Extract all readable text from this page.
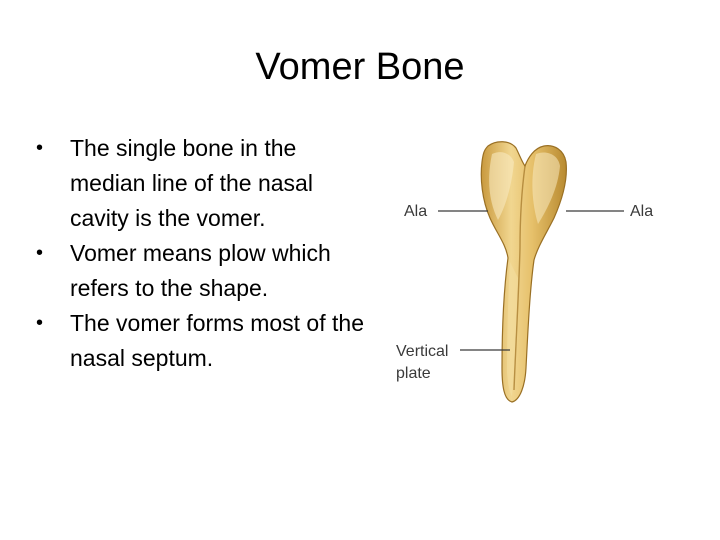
Vomer Bone
• The single bone in the median line of the nasal cavity is the vomer.
• Vomer means plow which refers to the shape.
• The vomer forms most of the nasal septum.
Ala	Ala
Vertical
plate
